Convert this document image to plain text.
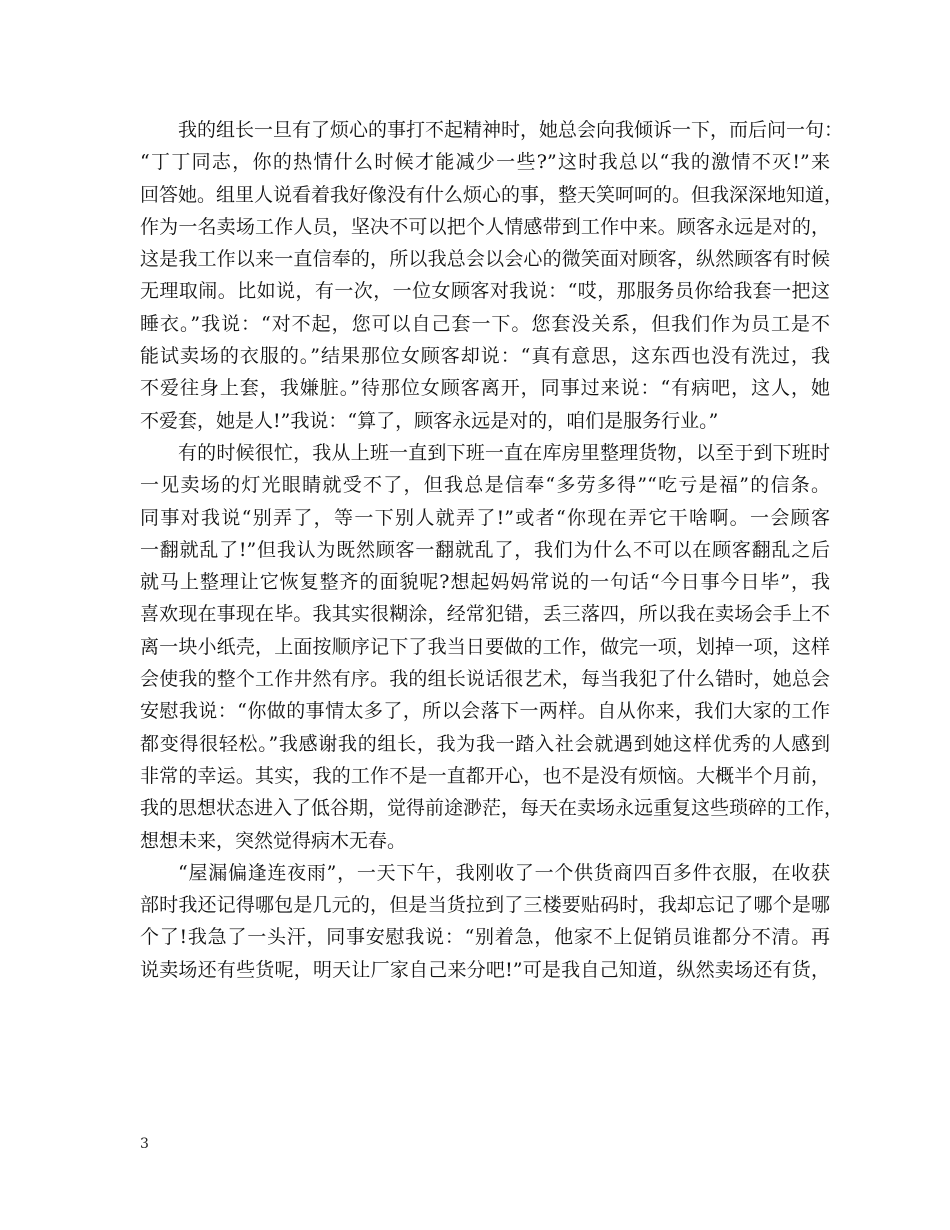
我的组长一旦有了烦心的事打不起精神时，她总会向我倾诉一下，而后问一句：
“丁丁同志，你的热情什么时候才能减少一些?”这时我总以“我的激情不灭!”来
回答她。组里人说看着我好像没有什么烦心的事，整天笑呵呵的。但我深深地知道，
作为一名卖场工作人员，坚决不可以把个人情感带到工作中来。顾客永远是对的，
这是我工作以来一直信奉的，所以我总会以会心的微笑面对顾客，纵然顾客有时候
无理取闹。比如说，有一次，一位女顾客对我说：“哎，那服务员你给我套一把这
睡衣。”我说：“对不起，您可以自己套一下。您套没关系，但我们作为员工是不
能试卖场的衣服的。”结果那位女顾客却说：“真有意思，这东西也没有洗过，我
不爱往身上套，我嫌脏。”待那位女顾客离开，同事过来说：“有病吧，这人，她
不爱套，她是人!”我说：“算了，顾客永远是对的，咱们是服务行业。”
有的时候很忙，我从上班一直到下班一直在库房里整理货物，以至于到下班时
一见卖场的灯光眼睛就受不了，但我总是信奉“多劳多得”“吃亏是福”的信条。
同事对我说“别弄了，等一下别人就弄了!”或者“你现在弄它干啥啊。一会顾客
一翻就乱了!”但我认为既然顾客一翻就乱了，我们为什么不可以在顾客翻乱之后
就马上整理让它恢复整齐的面貌呢?想起妈妈常说的一句话“今日事今日毕”，我
喜欢现在事现在毕。我其实很糊涂，经常犯错，丢三落四，所以我在卖场会手上不
离一块小纸壳，上面按顺序记下了我当日要做的工作，做完一项，划掉一项，这样
会使我的整个工作井然有序。我的组长说话很艺术，每当我犯了什么错时，她总会
安慰我说：“你做的事情太多了，所以会落下一两样。自从你来，我们大家的工作
都变得很轻松。”我感谢我的组长，我为我一踏入社会就遇到她这样优秀的人感到
非常的幸运。其实，我的工作不是一直都开心，也不是没有烦恼。大概半个月前，
我的思想状态进入了低谷期，觉得前途渺茫，每天在卖场永远重复这些琐碎的工作，
想想未来，突然觉得病木无春。
“屋漏偏逢连夜雨”，一天下午，我刚收了一个供货商四百多件衣服，在收获
部时我还记得哪包是几元的，但是当货拉到了三楼要贴码时，我却忘记了哪个是哪
个了!我急了一头汗，同事安慰我说：“别着急，他家不上促销员谁都分不清。再
说卖场还有些货呢，明天让厂家自己来分吧!”可是我自己知道，纵然卖场还有货，
3
